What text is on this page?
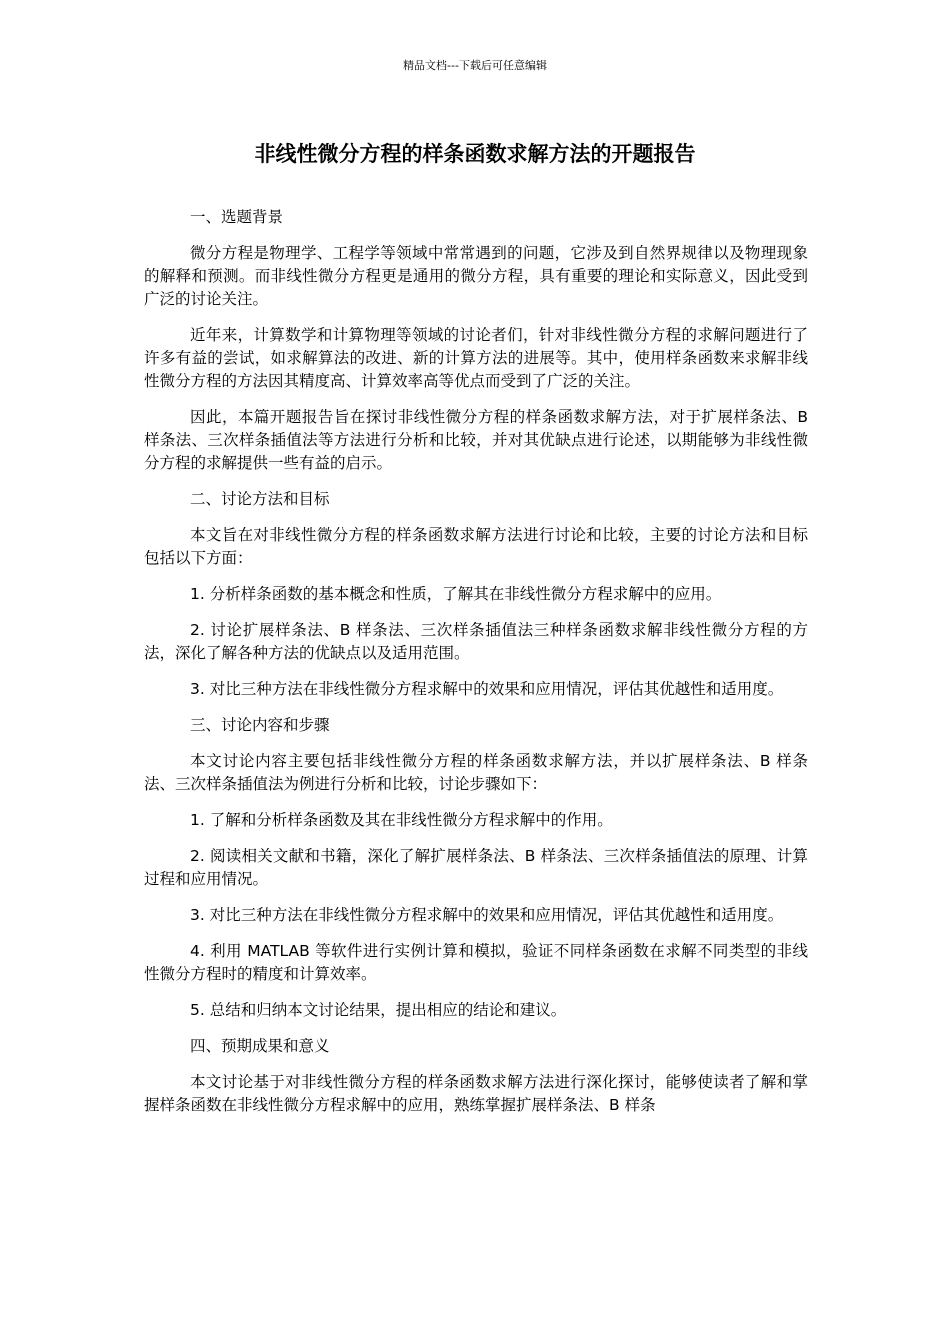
精品文档---下载后可任意编辑
非线性微分方程的样条函数求解方法的开题报告

一、选题背景

微分方程是物理学、工程学等领域中常常遇到的问题，它涉及到自然界规律以及物理现象的解释和预测。而非线性微分方程更是通用的微分方程，具有重要的理论和实际意义，因此受到广泛的讨论关注。

近年来，计算数学和计算物理等领域的讨论者们，针对非线性微分方程的求解问题进行了许多有益的尝试，如求解算法的改进、新的计算方法的进展等。其中，使用样条函数来求解非线性微分方程的方法因其精度高、计算效率高等优点而受到了广泛的关注。

因此，本篇开题报告旨在探讨非线性微分方程的样条函数求解方法，对于扩展样条法、B 样条法、三次样条插值法等方法进行分析和比较，并对其优缺点进行论述，以期能够为非线性微分方程的求解提供一些有益的启示。

二、讨论方法和目标

本文旨在对非线性微分方程的样条函数求解方法进行讨论和比较，主要的讨论方法和目标包括以下方面：

1. 分析样条函数的基本概念和性质，了解其在非线性微分方程求解中的应用。

2. 讨论扩展样条法、B 样条法、三次样条插值法三种样条函数求解非线性微分方程的方法，深化了解各种方法的优缺点以及适用范围。

3. 对比三种方法在非线性微分方程求解中的效果和应用情况，评估其优越性和适用度。

三、讨论内容和步骤

本文讨论内容主要包括非线性微分方程的样条函数求解方法，并以扩展样条法、B 样条法、三次样条插值法为例进行分析和比较，讨论步骤如下：

1. 了解和分析样条函数及其在非线性微分方程求解中的作用。

2. 阅读相关文献和书籍，深化了解扩展样条法、B 样条法、三次样条插值法的原理、计算过程和应用情况。

3. 对比三种方法在非线性微分方程求解中的效果和应用情况，评估其优越性和适用度。

4. 利用 MATLAB 等软件进行实例计算和模拟，验证不同样条函数在求解不同类型的非线性微分方程时的精度和计算效率。

5. 总结和归纳本文讨论结果，提出相应的结论和建议。

四、预期成果和意义

本文讨论基于对非线性微分方程的样条函数求解方法进行深化探讨，能够使读者了解和掌握样条函数在非线性微分方程求解中的应用，熟练掌握扩展样条法、B 样条
